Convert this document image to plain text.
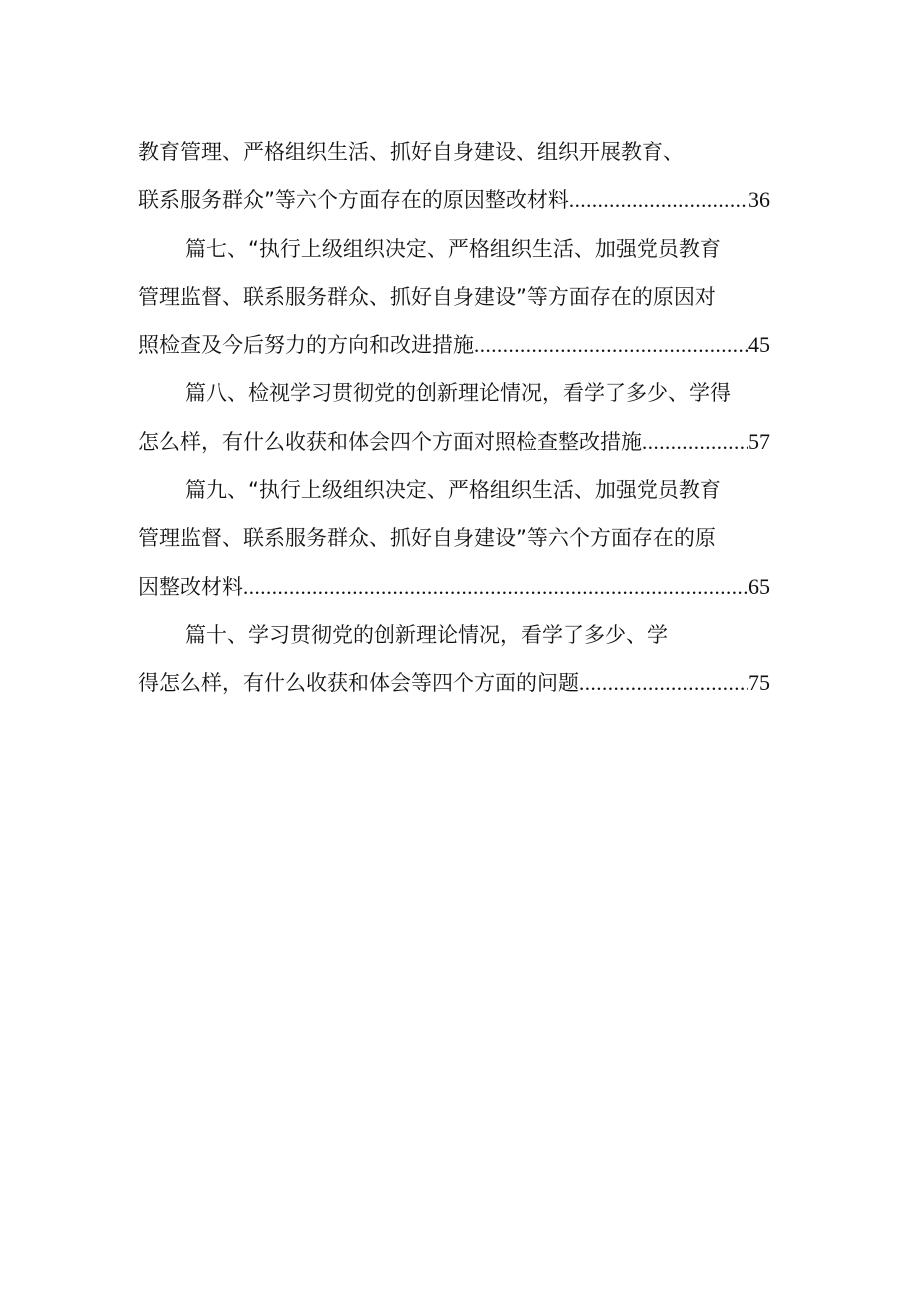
教育管理、严格组织生活、抓好自身建设、组织开展教育、
联系服务群众”等六个方面存在的原因整改材料 .....	36
篇七、“执行上级组织决定、严格组织生活、加强党员教育
管理监督、联系服务群众、抓好自身建设”等方面存在的原因对
照检查及今后努力的方向和改进措施 .....	45
篇八、检视学习贯彻党的创新理论情况，看学了多少、学得
怎么样，有什么收获和体会四个方面对照检查整改措施 .....	57
篇九、“执行上级组织决定、严格组织生活、加强党员教育
管理监督、联系服务群众、抓好自身建设”等六个方面存在的原
因整改材料 .....	65
篇十、学习贯彻党的创新理论情况，看学了多少、学
得怎么样，有什么收获和体会等四个方面的问题 .....	75
